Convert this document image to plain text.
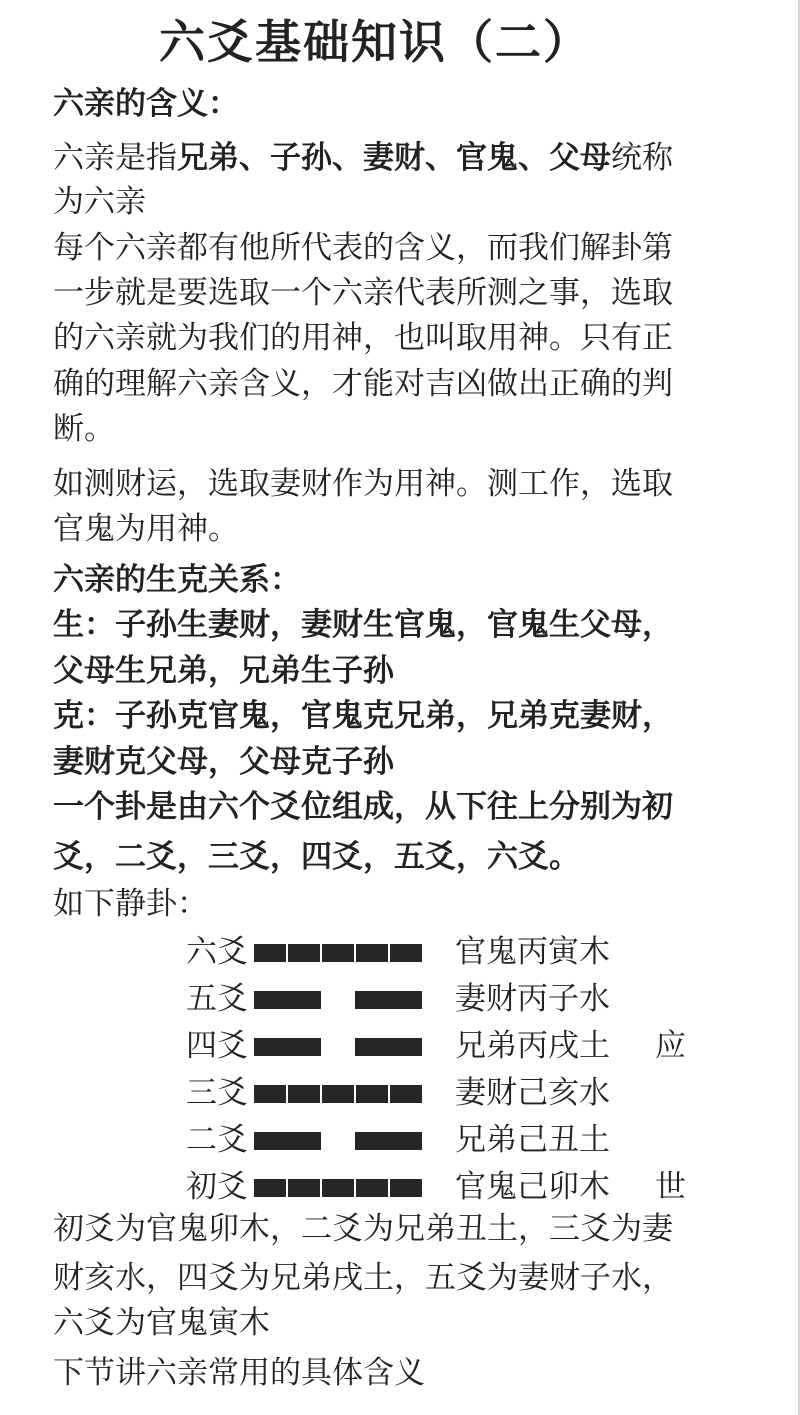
六爻基础知识（二）
六亲的含义：
六亲是指兄弟、子孙、妻财、官鬼、父母统称
为六亲
每个六亲都有他所代表的含义，而我们解卦第
一步就是要选取一个六亲代表所测之事，选取
的六亲就为我们的用神，也叫取用神。只有正
确的理解六亲含义，才能对吉凶做出正确的判
断。
如测财运，选取妻财作为用神。测工作，选取
官鬼为用神。
六亲的生克关系：
生：子孙生妻财，妻财生官鬼，官鬼生父母，
父母生兄弟，兄弟生子孙
克：子孙克官鬼，官鬼克兄弟，兄弟克妻财，
妻财克父母，父母克子孙
一个卦是由六个爻位组成，从下往上分别为初
爻，二爻，三爻，四爻，五爻，六爻。
如下静卦：
六爻	官鬼丙寅木
五爻	妻财丙子水
四爻	兄弟丙戌土 应
三爻	妻财己亥水
二爻	兄弟己丑土
初爻	官鬼己卯木 世
初爻为官鬼卯木，二爻为兄弟丑土，三爻为妻
财亥水，四爻为兄弟戌土，五爻为妻财子水，
六爻为官鬼寅木
下节讲六亲常用的具体含义
